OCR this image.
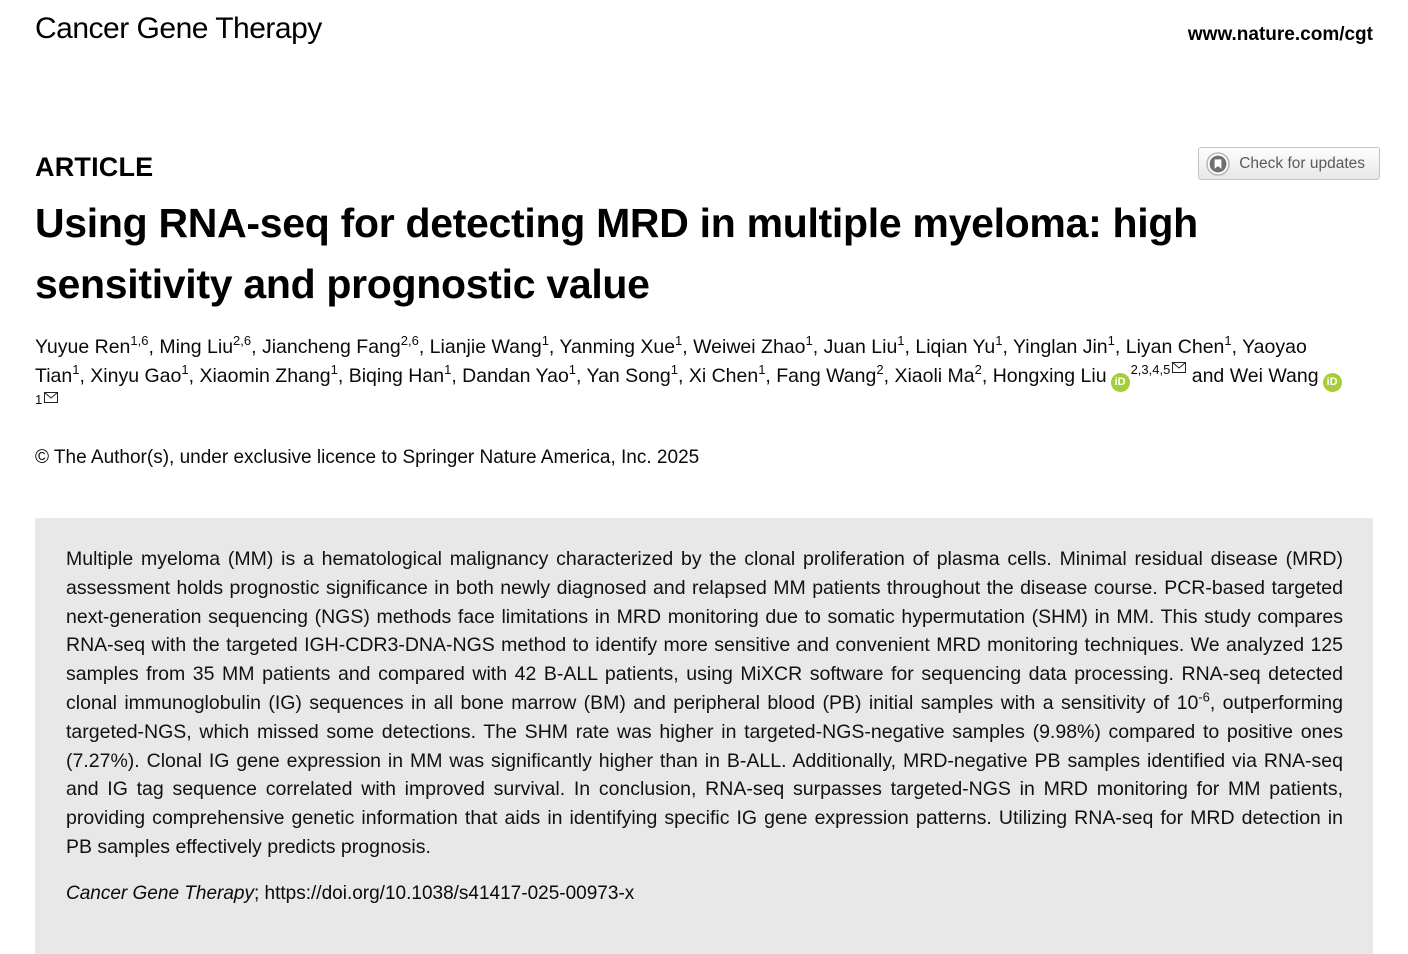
Cancer Gene Therapy	www.nature.com/cgt
ARTICLE	Check for updates
Using RNA-seq for detecting MRD in multiple myeloma: high sensitivity and prognostic value
Yuyue Ren$^{1,6}$, Ming Liu$^{2,6}$, Jiancheng Fang$^{2,6}$, Lianjie Wang$^1$, Yanming Xue$^1$, Weiwei Zhao$^1$, Juan Liu$^1$, Liqian Yu$^1$, Yinglan Jin$^1$, Liyan Chen$^1$, Yaoyao Tian$^1$, Xinyu Gao$^1$, Xiaomin Zhang$^1$, Biqing Han$^1$, Dandan Yao$^1$, Yan Song$^1$, Xi Chen$^1$, Fang Wang$^2$, Xiaoli Ma$^2$, Hongxing Liu iD$^{2,3,4,5}$ and Wei Wang $iD^1$
© The Author(s), under exclusive licence to Springer Nature America, Inc. 2025

Multiple myeloma (MM) is a hematological malignancy characterized by the clonal proliferation of plasma cells. Minimal residual disease (MRD) assessment holds prognostic significance in both newly diagnosed and relapsed MM patients throughout the disease course. PCR-based targeted next-generation sequencing (NGS) methods face limitations in MRD monitoring due to somatic hypermutation (SHM) in MM. This study compares RNA-seq with the targeted IGH-CDR3-DNA-NGS method to identify more sensitive and convenient MRD monitoring techniques. We analyzed 125 samples from 35 MM patients and compared with 42 B-ALL patients, using MiXCR software for sequencing data processing. RNA-seq detected clonal immunoglobulin (IG) sequences in all bone marrow (BM) and peripheral blood (PB) initial samples with a sensitivity of $10^{-6}$, outperforming targeted-NGS, which missed some detections. The SHM rate was higher in targeted-NGS-negative samples (9.98%) compared to positive ones (7.27%). Clonal IG gene expression in MM was significantly higher than in B-ALL. Additionally, MRD-negative PB samples identified via RNA-seq and IG tag sequence correlated with improved survival. In conclusion, RNA-seq surpasses targeted-NGS in MRD monitoring for MM patients, providing comprehensive genetic information that aids in identifying specific IG gene expression patterns. Utilizing RNA-seq for MRD detection in PB samples effectively predicts prognosis.

Cancer Gene Therapy; https://doi.org/10.1038/s41417-025-00973-x
